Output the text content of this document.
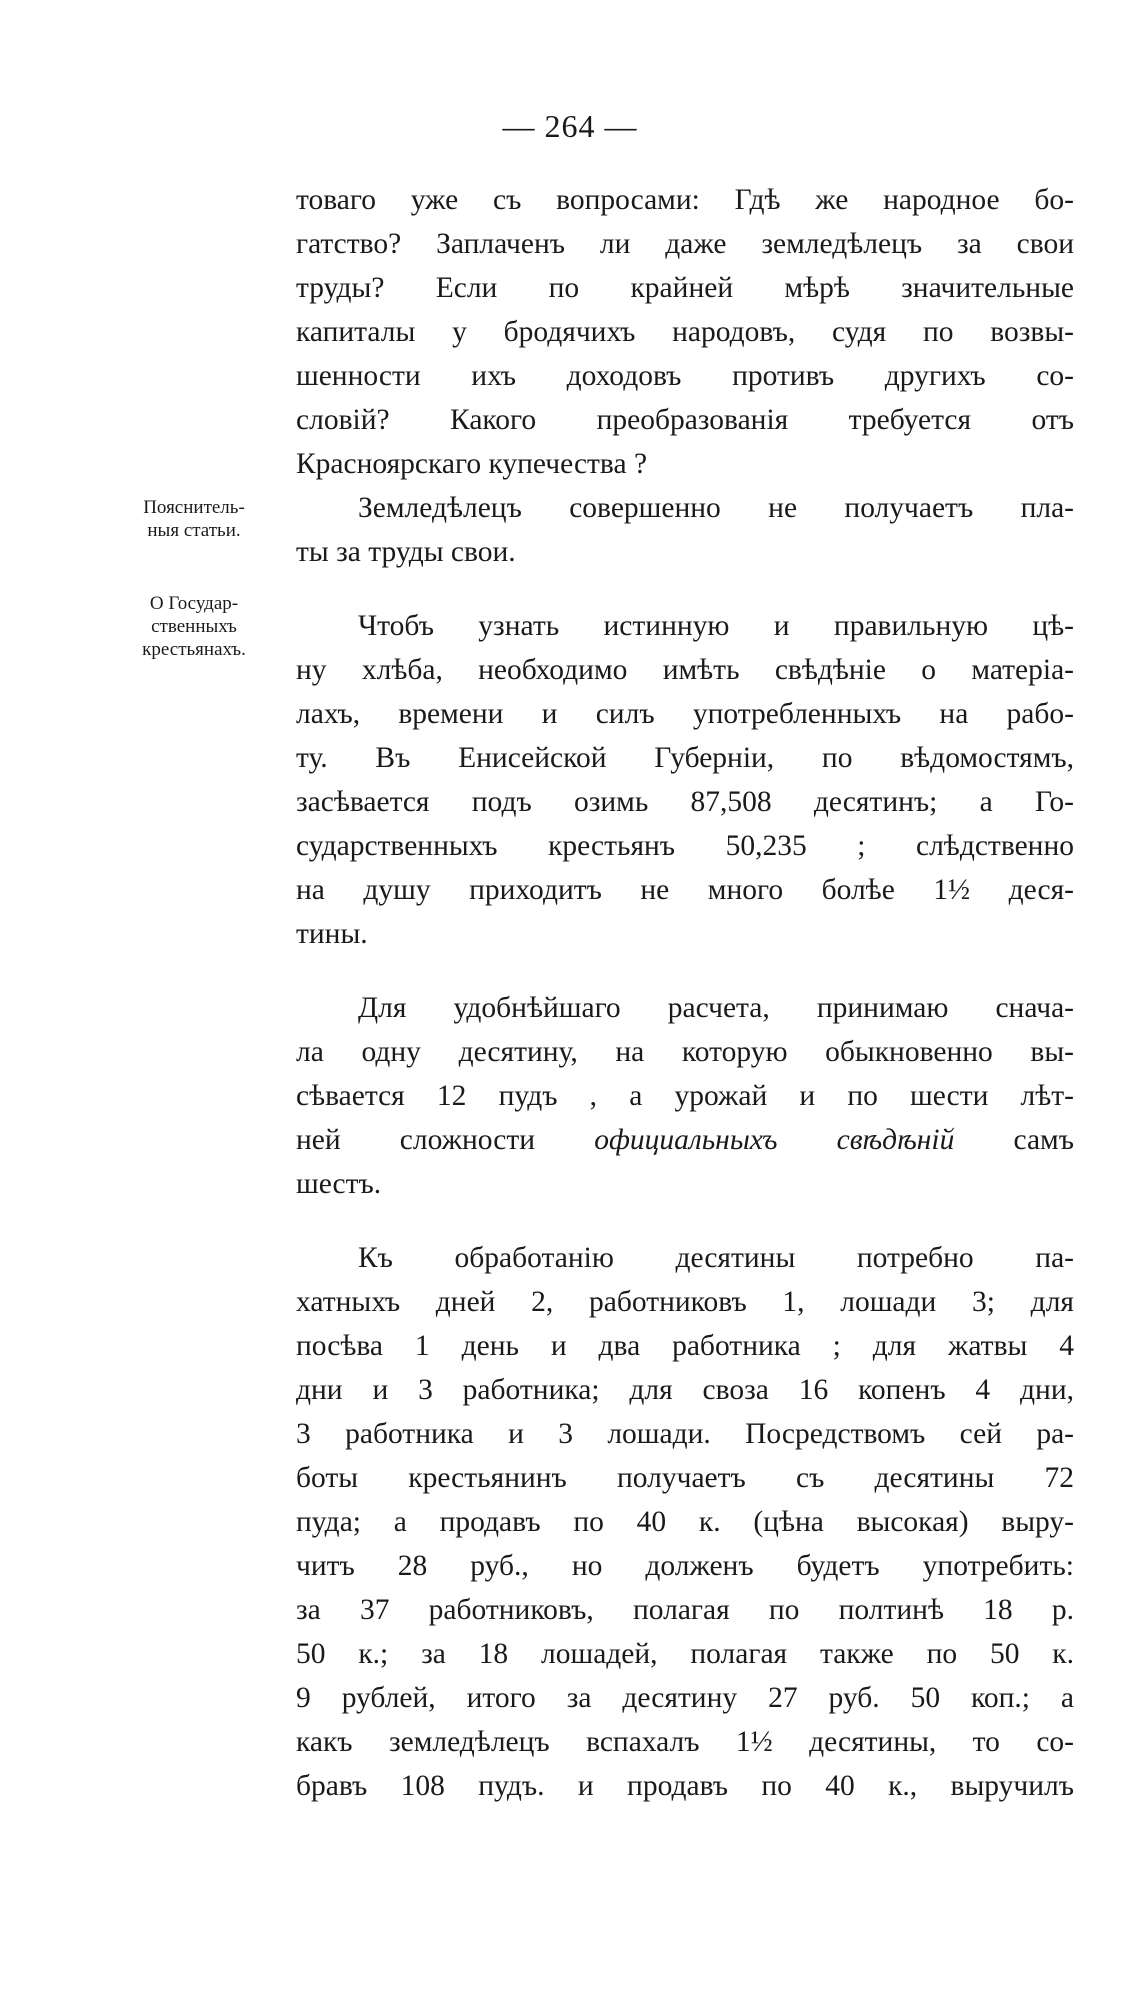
— 264 —
Пояснитель-
ныя статьи.
О Государ-
ственныхъ
крестьянахъ.
товаго уже съ вопросами: Гдѣ же народное бо-
гатство? Заплаченъ ли даже земледѣлецъ за свои
труды? Если по крайней мѣрѣ значительные
капиталы у бродячихъ народовъ, судя по возвы-
шенности ихъ доходовъ противъ другихъ со-
словій? Какого преобразованія требуется отъ
Красноярскаго купечества ?
Земледѣлецъ совершенно не получаетъ пла-
ты за труды свои.
Чтобъ узнать истинную и правильную цѣ-
ну хлѣба, необходимо имѣть свѣдѣніе о матеріа-
лахъ, времени и силъ употребленныхъ на рабо-
ту. Въ Енисейской Губерніи, по вѣдомостямъ,
засѣвается подъ озимь 87,508 десятинъ; а Го-
сударственныхъ крестьянъ 50,235 ; слѣдственно
на душу приходитъ не много болѣе 1½ деся-
тины.
Для удобнѣйшаго расчета, принимаю снача-
ла одну десятину, на которую обыкновенно вы-
сѣвается 12 пудъ , а урожай и по шести лѣт-
ней сложности официальныхъ свѣдѣній самъ
шестъ.
Къ обработанію десятины потребно па-
хатныхъ дней 2, работниковъ 1, лошади 3; для
посѣва 1 день и два работника ; для жатвы 4
дни и 3 работника; для своза 16 копенъ 4 дни,
3 работника и 3 лошади. Посредствомъ сей ра-
боты крестьянинъ получаетъ съ десятины 72
пуда; а продавъ по 40 к. (цѣна высокая) выру-
читъ 28 руб., но долженъ будетъ употребить:
за 37 работниковъ, полагая по полтинѣ 18 р.
50 к.; за 18 лошадей, полагая также по 50 к.
9 рублей, итого за десятину 27 руб. 50 коп.; а
какъ земледѣлецъ вспахалъ 1½ десятины, то со-
бравъ 108 пудъ. и продавъ по 40 к., выручилъ
